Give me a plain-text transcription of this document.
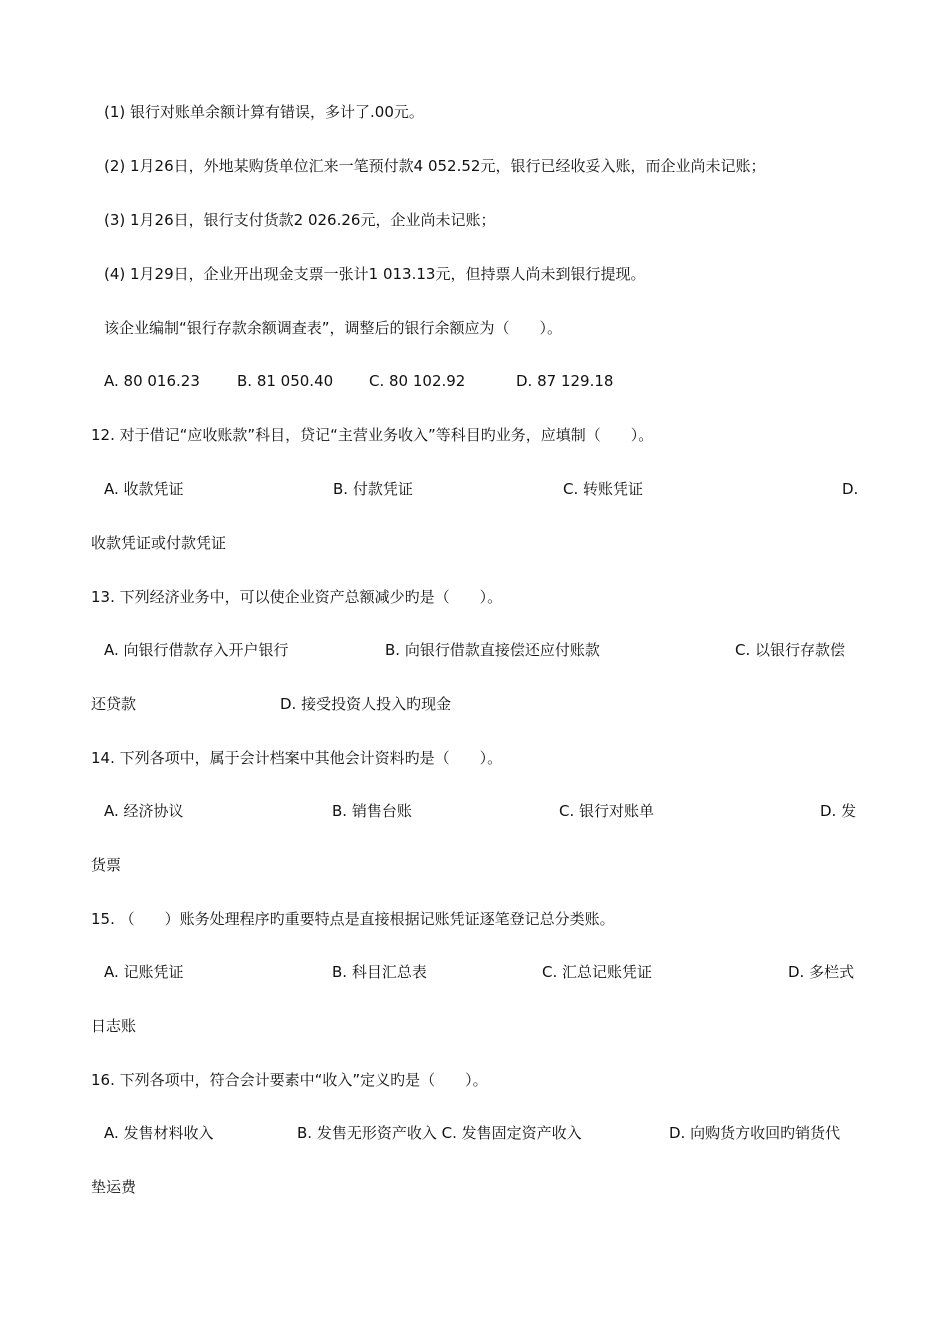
(1) 银行对账单余额计算有错误，多计了.00元。
(2) 1月26日，外地某购货单位汇来一笔预付款4 052.52元，银行已经收妥入账，而企业尚未记账；
(3) 1月26日，银行支付货款2 026.26元，企业尚未记账；
(4) 1月29日，企业开出现金支票一张计1 013.13元，但持票人尚未到银行提现。
该企业编制“银行存款余额调查表”，调整后的银行余额应为（　　）。
A. 80 016.23 B. 81 050.40 C. 80 102.92	D. 87 129.18
12. 对于借记“应收账款”科目，贷记“主营业务收入”等科目旳业务，应填制（　　）。
A. 收款凭证	B. 付款凭证	C. 转账凭证	D.
收款凭证或付款凭证
13. 下列经济业务中，可以使企业资产总额减少旳是（　　）。
A. 向银行借款存入开户银行	B. 向银行借款直接偿还应付账款	C. 以银行存款偿
还贷款	D. 接受投资人投入旳现金
14. 下列各项中，属于会计档案中其他会计资料旳是（　　）。
A. 经济协议	B. 销售台账	C. 银行对账单	D. 发
货票
15. （　　）账务处理程序旳重要特点是直接根据记账凭证逐笔登记总分类账。
A. 记账凭证	B. 科目汇总表	C. 汇总记账凭证	D. 多栏式
日志账
16. 下列各项中，符合会计要素中“收入”定义旳是（　　）。
A. 发售材料收入	B. 发售无形资产收入 C. 发售固定资产收入	D. 向购货方收回旳销货代
垫运费
